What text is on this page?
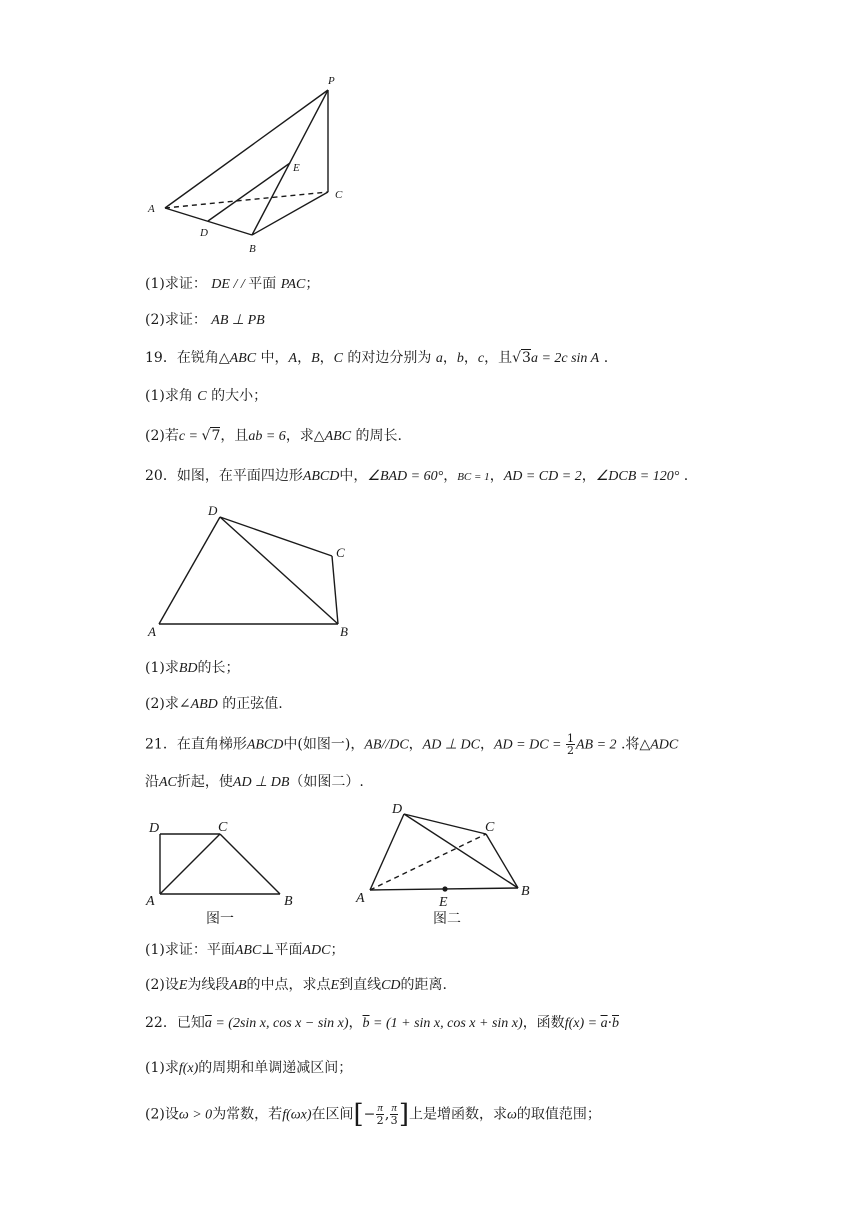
P
E
C
A
D
B
(1)求证： DE / / 平面 PAC；
(2)求证： AB ⊥ PB
19．在锐角△ABC 中，A，B，C 的对边分别为 a，b，c，且√3a = 2c sin A .
(1)求角 C 的大小；
(2)若c = √7，且ab = 6，求△ABC 的周长.
20．如图，在平面四边形ABCD中，∠BAD = 60°，BC = 1，AD = CD = 2，∠DCB = 120° .
D
C
A	B
(1)求BD的长；
(2)求∠ABD 的正弦值.
21．在直角梯形ABCD中(如图一)，AB//DC，AD ⊥ DC，AD = DC = $\frac{1}{2}$ AB = 2 .将△ADC
沿AC折起，使AD ⊥ DB（如图二）.
D	C
A	B
图一
D
C
A	E
B
图二
(1)求证：平面ABC⊥平面ADC；
(2)设E为线段AB的中点，求点E到直线CD的距离.
22．已知$\overline{a} = (2\sin$ x, cos x − sin x)，$\overline{b} = (1 + \sin x$, cos x + sin x)，函数$f(x) = \overline{a}\cdot\overline{b}$
(1)求f(x)的周期和单调递减区间；
(2)设ω > 0为常数，若f(ωx)在区间[− $\frac{\pi}{2}$ , $\frac{\pi}{3}$ ]上是增函数，求ω的取值范围；
